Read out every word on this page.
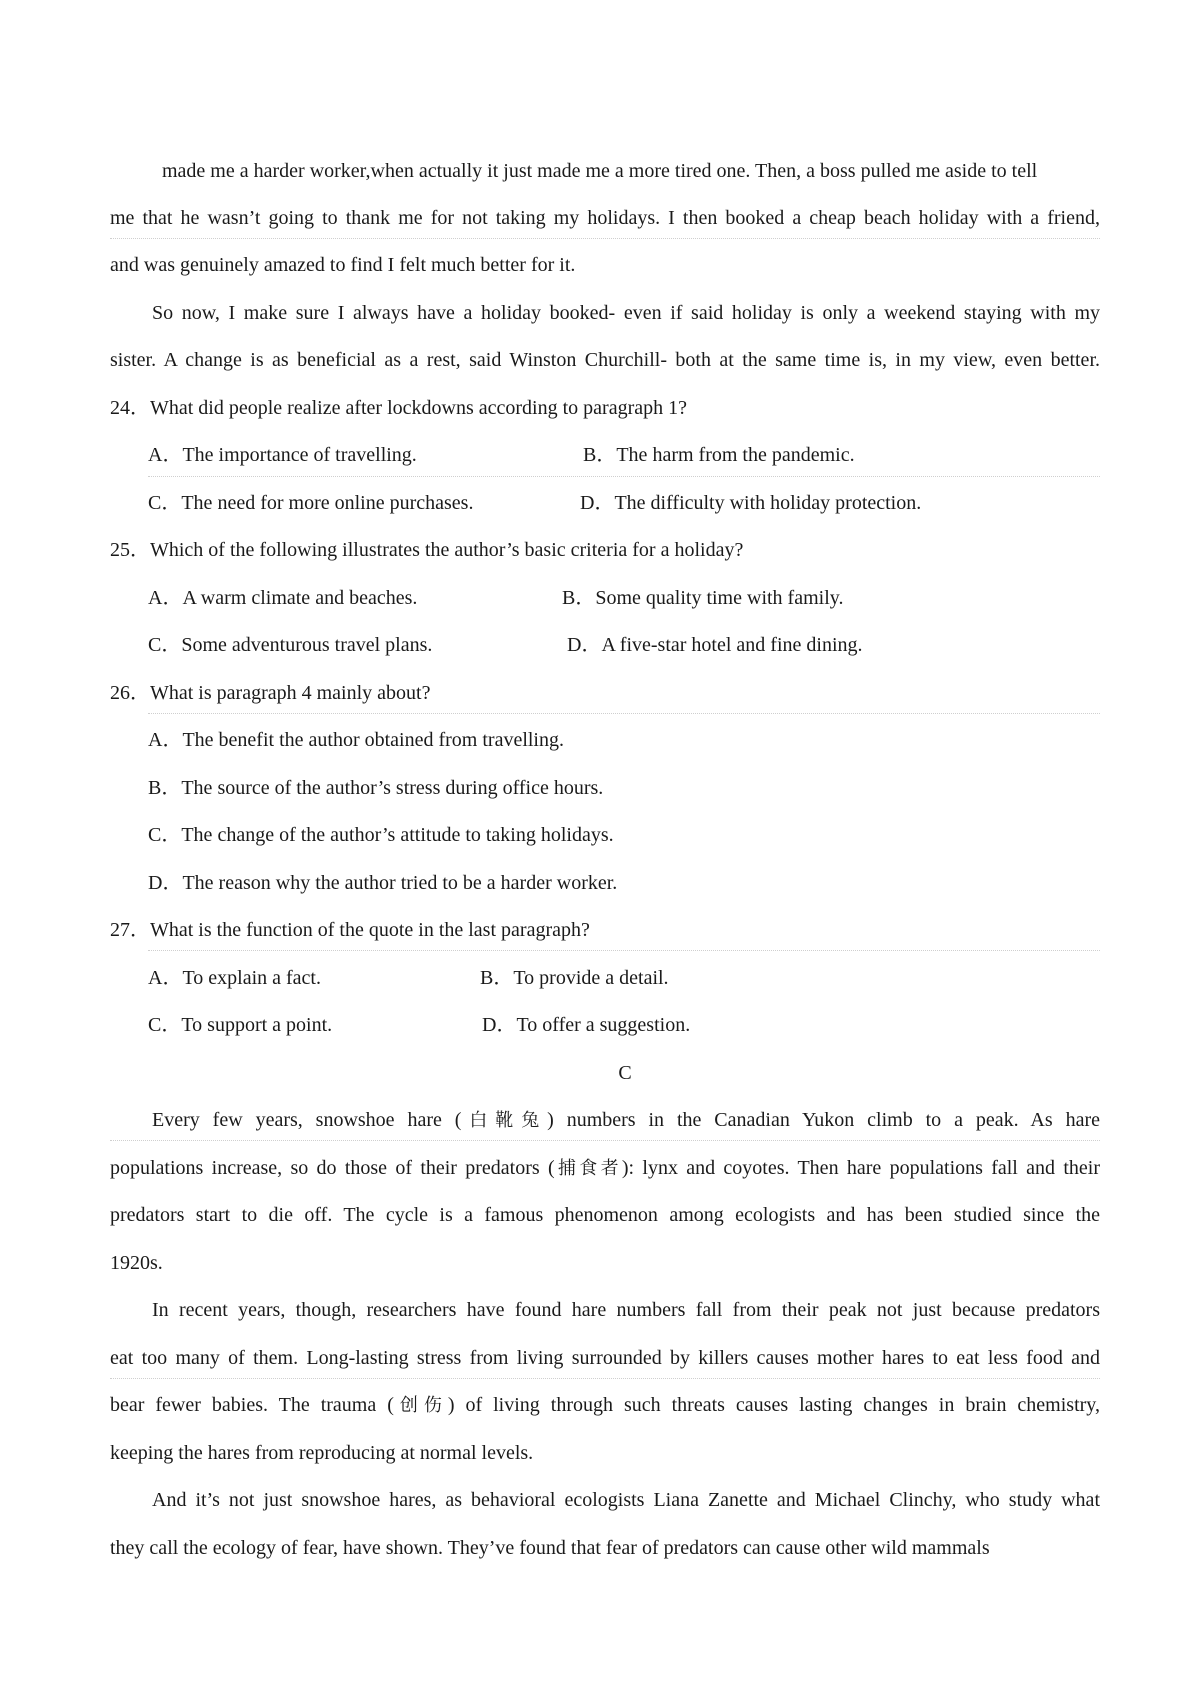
made me a harder worker,when actually it just made me a more tired one. Then, a boss pulled me aside to tell
me that he wasn’t going to thank me for not taking my holidays. I then booked a cheap beach holiday with a friend,
and was genuinely amazed to find I felt much better for it.
So now, I make sure I always have a holiday booked- even if said holiday is only a weekend staying with my
sister. A change is as beneficial as a rest, said Winston Churchill- both at the same time is, in my view, even better.
24．What did people realize after lockdowns according to paragraph 1?
A．The importance of travelling.	B．The harm from the pandemic.
C．The need for more online purchases.	D．The difficulty with holiday protection.
25．Which of the following illustrates the author’s basic criteria for a holiday?
A．A warm climate and beaches.	B．Some quality time with family.
C．Some adventurous travel plans.	D．A five-star hotel and fine dining.
26．What is paragraph 4 mainly about?
A．The benefit the author obtained from travelling.
B．The source of the author’s stress during office hours.
C．The change of the author’s attitude to taking holidays.
D．The reason why the author tried to be a harder worker.
27．What is the function of the quote in the last paragraph?
A．To explain a fact.	B．To provide a detail.
C．To support a point.	D．To offer a suggestion.
C
Every few years, snowshoe hare (白靴兔) numbers in the Canadian Yukon climb to a peak. As hare
populations increase, so do those of their predators (捕食者): lynx and coyotes. Then hare populations fall and their
predators start to die off. The cycle is a famous phenomenon among ecologists and has been studied since the
1920s.
In recent years, though, researchers have found hare numbers fall from their peak not just because predators
eat too many of them. Long-lasting stress from living surrounded by killers causes mother hares to eat less food and
bear fewer babies. The trauma (创伤) of living through such threats causes lasting changes in brain chemistry,
keeping the hares from reproducing at normal levels.
And it’s not just snowshoe hares, as behavioral ecologists Liana Zanette and Michael Clinchy, who study what
they call the ecology of fear, have shown. They’ve found that fear of predators can cause other wild mammals
